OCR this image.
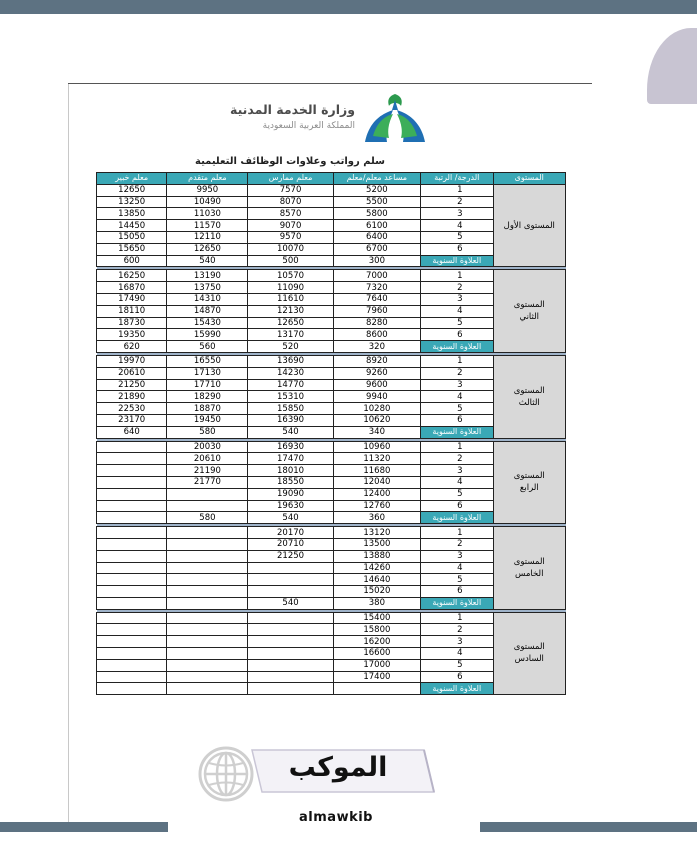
وزارة الخدمة المدنية
المملكة العربية السعودية
سلم رواتب وعلاوات الوظائف التعليمية
المستوى	الدرجة/ الرتبة	مساعد معلم/معلم	معلم ممارس	معلم متقدم	معلم خبير

المستوى الأول	1	5200	7570	9950	12650
	2	5500	8070	10490	13250
	3	5800	8570	11030	13850
	4	6100	9070	11570	14450
	5	6400	9570	12110	15050
	6	6700	10070	12650	15650
	العلاوة السنوية	300	500	540	600

المستوى
الثاني	1	7000	10570	13190	16250
	2	7320	11090	13750	16870
	3	7640	11610	14310	17490
	4	7960	12130	14870	18110
	5	8280	12650	15430	18730
	6	8600	13170	15990	19350
	العلاوة السنوية	320	520	560	620

المستوى
الثالث	1	8920	13690	16550	19970
	2	9260	14230	17130	20610
	3	9600	14770	17710	21250
	4	9940	15310	18290	21890
	5	10280	15850	18870	22530
	6	10620	16390	19450	23170
	العلاوة السنوية	340	540	580	640

المستوى
الرابع	1	10960	16930	20030	
	2	11320	17470	20610	
	3	11680	18010	21190	
	4	12040	18550	21770	
	5	12400	19090		
	6	12760	19630		
	العلاوة السنوية	360	540	580	

المستوى
الخامس	1	13120	20170		
	2	13500	20710		
	3	13880	21250		
	4	14260			
	5	14640			
	6	15020			
	العلاوة السنوية	380	540		

المستوى
السادس	1	15400			
	2	15800			
	3	16200			
	4	16600			
	5	17000			
	6	17400			
	العلاوة السنوية				
الموكب
almawkib
